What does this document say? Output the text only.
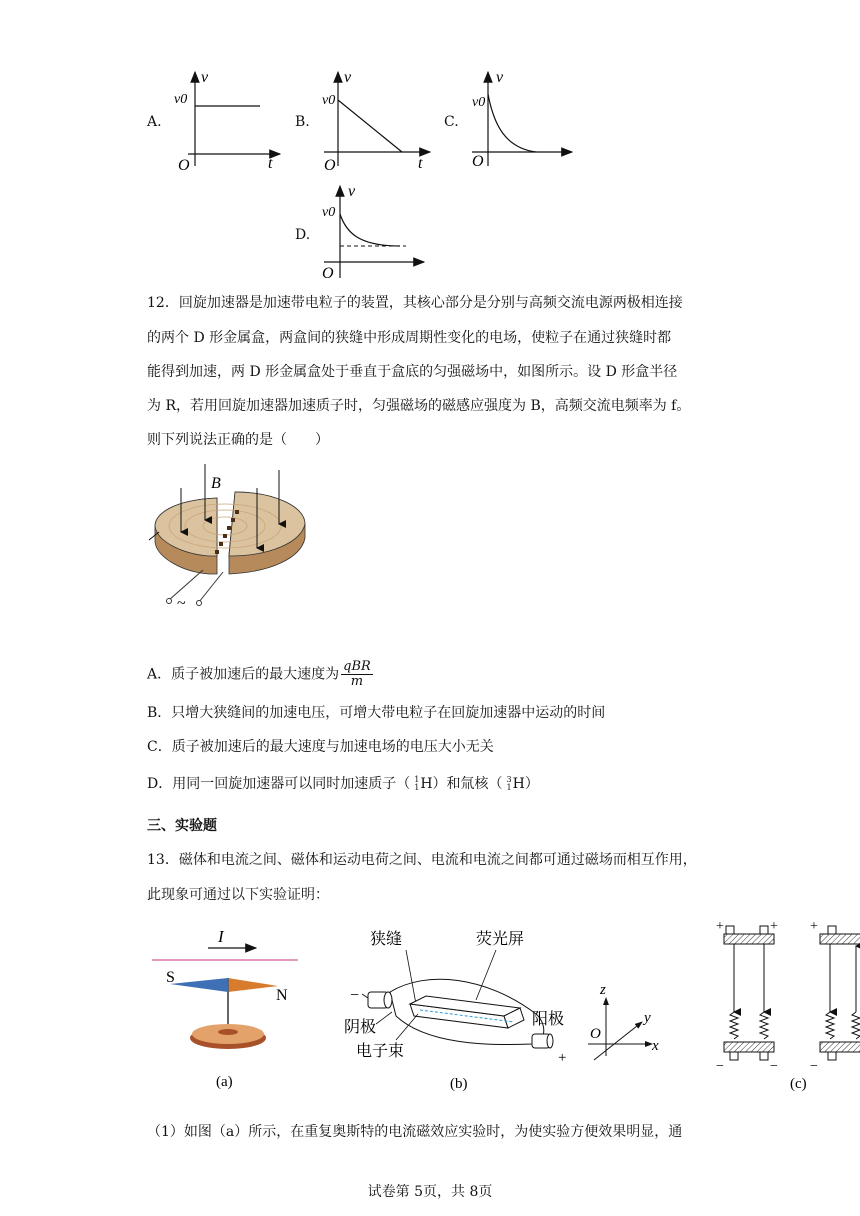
A.
v
v0
O	t
B.
v
v0
O	t
C.
v
v0
O
D.
v
v0
O
12．回旋加速器是加速带电粒子的装置，其核心部分是分别与高频交流电源两极相连接
的两个 D 形金属盒，两盒间的狭缝中形成周期性变化的电场，使粒子在通过狭缝时都
能得到加速，两 D 形金属盒处于垂直于盒底的匀强磁场中，如图所示。设 D 形盒半径
为 R，若用回旋加速器加速质子时，匀强磁场的磁感应强度为 B，高频交流电频率为 f。
则下列说法正确的是（　　）
B
~
A．质子被加速后的最大速度为 $\frac{\text{qBR}}{m}$
B．只增大狭缝间的加速电压，可增大带电粒子在回旋加速器中运动的时间
C．质子被加速后的最大速度与加速电场的电压大小无关
D．用同一回旋加速器可以同时加速质子（ 1
1 H）和氚核（ 3
1 H）
三、实验题
13．磁体和电流之间、磁体和运动电荷之间、电流和电流之间都可通过磁场而相互作用，
此现象可通过以下实验证明：
I
S
N
(a)
狭缝	荧光屏
−
阳极
+
阴极
电子束
(b)
z
y
x
O
+	+
−	−
+
−
(c)
（1）如图（a）所示，在重复奥斯特的电流磁效应实验时，为使实验方便效果明显，通
试卷第 5页，共 8页
